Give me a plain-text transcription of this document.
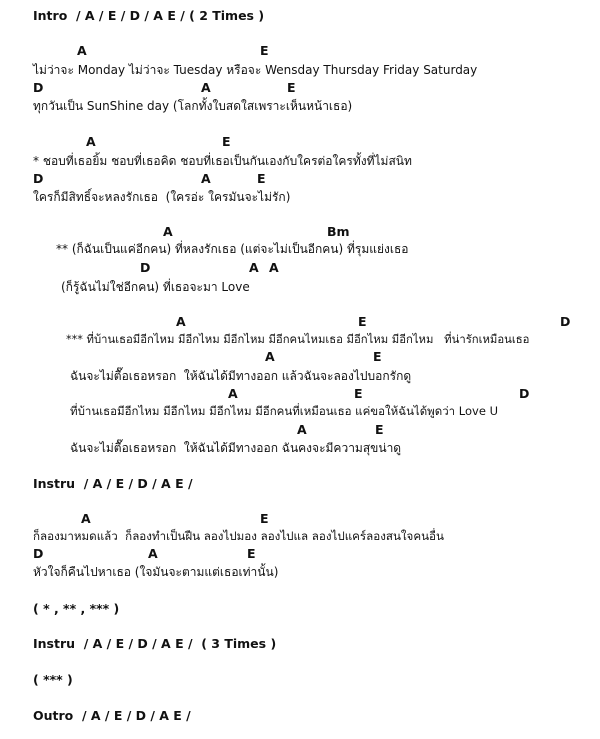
Intro  / A / E / D / A E / ( 2 Times )
A	E
ไม่ว่าจะ Monday ไม่ว่าจะ Tuesday หรือจะ Wensday Thursday Friday Saturday
D	A	E
ทุกวันเป็น SunShine day (โลกทั้งใบสดใสเพราะเห็นหน้าเธอ)
A	E
* ชอบที่เธอยิ้ม ชอบที่เธอคิด ชอบที่เธอเป็นกันเองกับใครต่อใครทั้งที่ไม่สนิท
D	A	E
ใครก็มีสิทธิ์จะหลงรักเธอ  (ใครอ่ะ ใครมันจะไม่รัก)
A	Bm
** (ก็ฉันเป็นแค่อีกคน) ที่หลงรักเธอ (แต่จะไม่เป็นอีกคน) ที่รุมแย่งเธอ
D	A A
(ก็รู้ฉันไม่ใช่อีกคน) ที่เธอจะมา Love
A	E	D
*** ที่บ้านเธอมีอีกไหม มีอีกไหม มีอีกไหม มีอีกคนไหมเธอ มีอีกไหม มีอีกไหม   ที่น่ารักเหมือนเธอ
A	E
ฉันจะไม่ตื๊อเธอหรอก  ให้ฉันได้มีทางออก แล้วฉันจะลองไปบอกรักดู
A	E	D
ที่บ้านเธอมีอีกไหม มีอีกไหม มีอีกไหม มีอีกคนที่เหมือนเธอ แค่ขอให้ฉันได้พูดว่า Love U
A	E
ฉันจะไม่ตื๊อเธอหรอก  ให้ฉันได้มีทางออก ฉันคงจะมีความสุขน่าดู
Instru  / A / E / D / A E /
A	E
ก็ลองมาหมดแล้ว  ก็ลองทำเป็นฝืน ลองไปมอง ลองไปแล ลองไปแคร์ลองสนใจคนอื่น
D	A	E
หัวใจก็คืนไปหาเธอ (ใจมันจะตามแต่เธอเท่านั้น)
( * , ** , *** )
Instru  / A / E / D / A E /  ( 3 Times )
( *** )
Outro  / A / E / D / A E /
